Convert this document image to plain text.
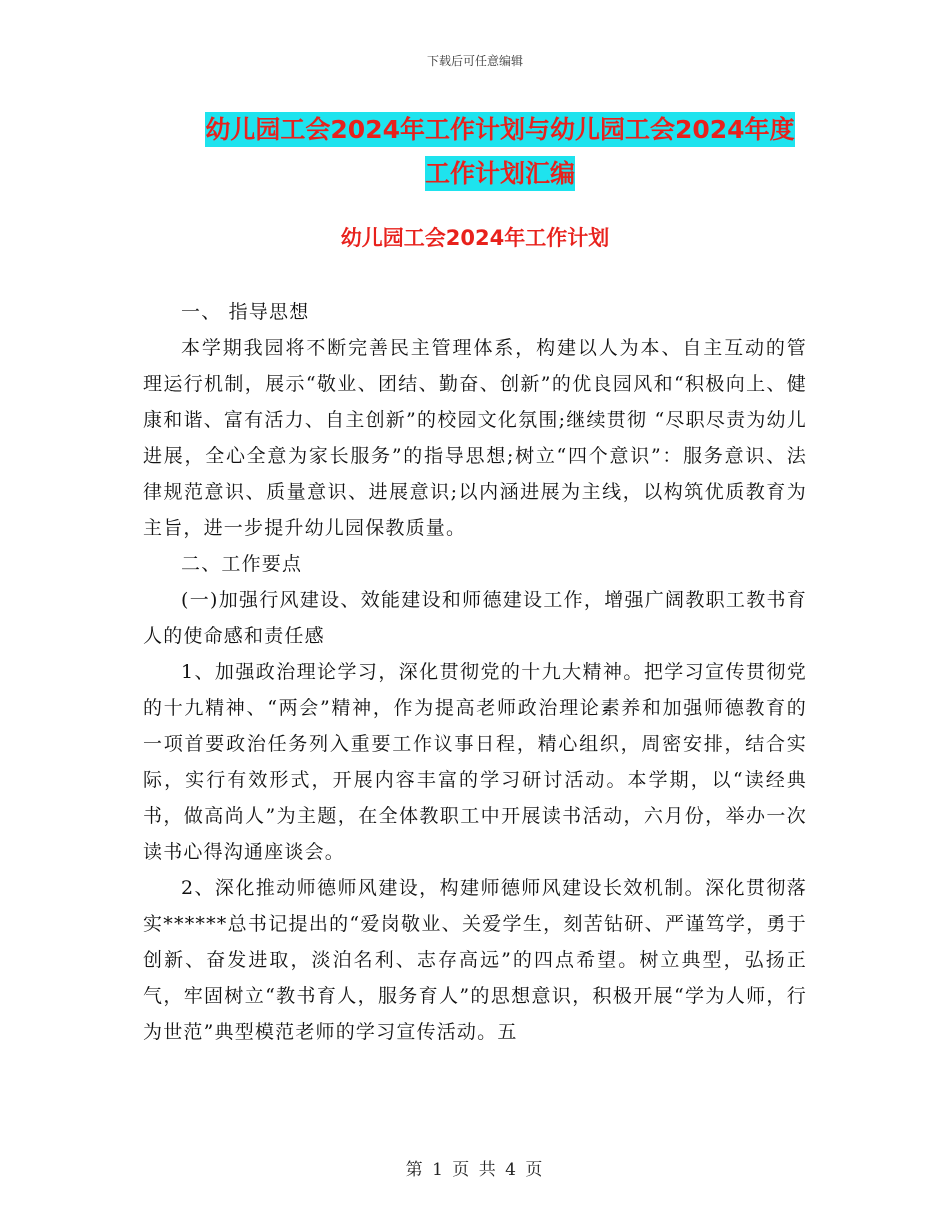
下载后可任意编辑
幼儿园工会2024年工作计划与幼儿园工会2024年度
工作计划汇编
幼儿园工会2024年工作计划

一、 指导思想

本学期我园将不断完善民主管理体系，构建以人为本、自主互动的管理运行机制，展示“敬业、团结、勤奋、创新”的优良园风和“积极向上、健康和谐、富有活力、自主创新”的校园文化氛围;继续贯彻 “尽职尽责为幼儿进展，全心全意为家长服务”的指导思想;树立“四个意识”：服务意识、法律规范意识、质量意识、进展意识;以内涵进展为主线，以构筑优质教育为主旨，进一步提升幼儿园保教质量。

二、工作要点

(一)加强行风建设、效能建设和师德建设工作，增强广阔教职工教书育人的使命感和责任感

1、加强政治理论学习，深化贯彻党的十九大精神。把学习宣传贯彻党的十九精神、“两会”精神，作为提高老师政治理论素养和加强师德教育的一项首要政治任务列入重要工作议事日程，精心组织，周密安排，结合实际，实行有效形式，开展内容丰富的学习研讨活动。本学期，以“读经典书，做高尚人”为主题，在全体教职工中开展读书活动，六月份，举办一次读书心得沟通座谈会。

2、深化推动师德师风建设，构建师德师风建设长效机制。深化贯彻落实******总书记提出的“爱岗敬业、关爱学生，刻苦钻研、严谨笃学，勇于创新、奋发进取，淡泊名利、志存高远”的四点希望。树立典型，弘扬正气，牢固树立“教书育人，服务育人”的思想意识，积极开展“学为人师，行为世范”典型模范老师的学习宣传活动。五

第 1 页 共 4 页
